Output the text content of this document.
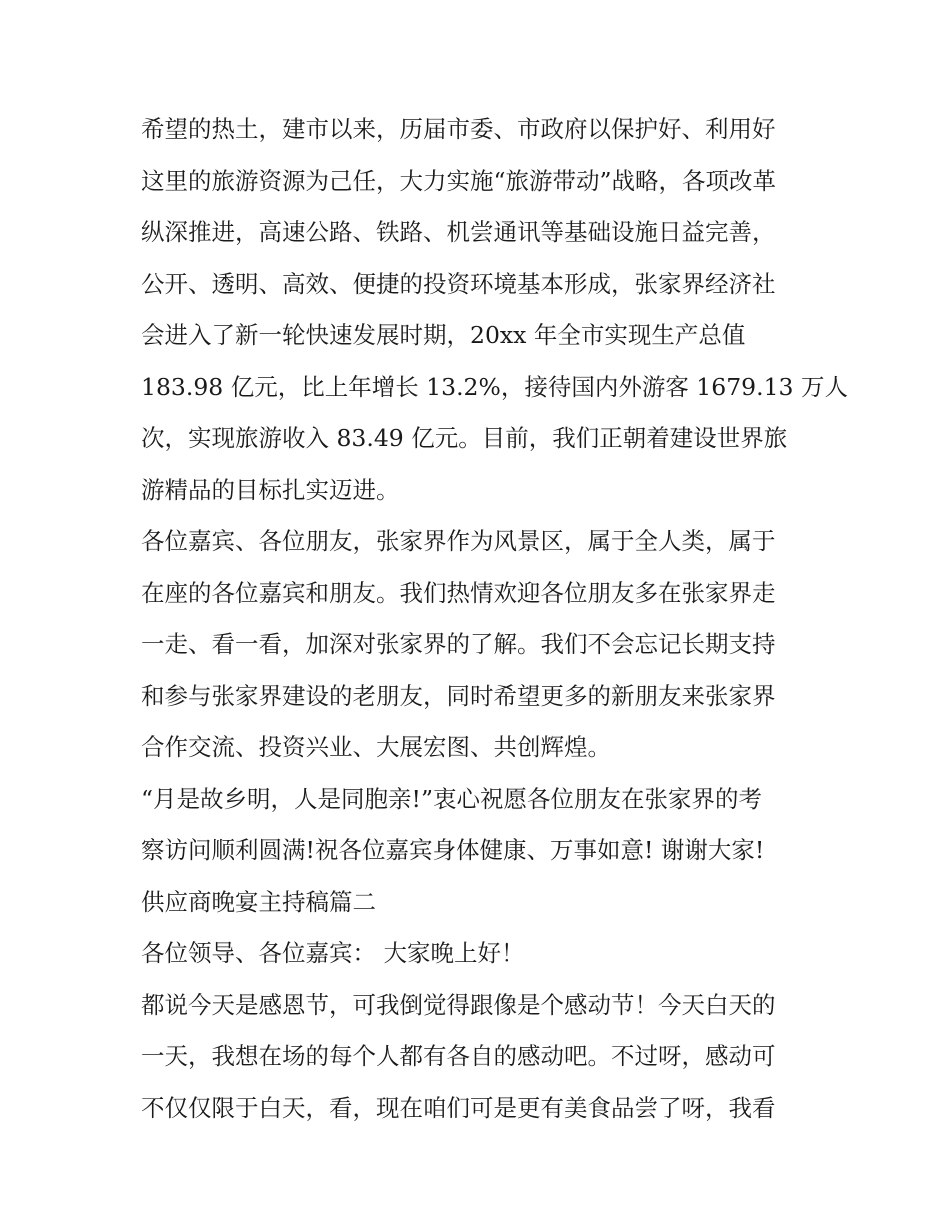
希望的热土，建市以来，历届市委、市政府以保护好、利用好
这里的旅游资源为己任，大力实施“旅游带动”战略，各项改革
纵深推进，高速公路、铁路、机尝通讯等基础设施日益完善，
公开、透明、高效、便捷的投资环境基本形成，张家界经济社
会进入了新一轮快速发展时期，20xx 年全市实现生产总值
183.98 亿元，比上年增长 13.2%，接待国内外游客 1679.13 万人
次，实现旅游收入 83.49 亿元。目前，我们正朝着建设世界旅
游精品的目标扎实迈进。
各位嘉宾、各位朋友，张家界作为风景区，属于全人类，属于
在座的各位嘉宾和朋友。我们热情欢迎各位朋友多在张家界走
一走、看一看，加深对张家界的了解。我们不会忘记长期支持
和参与张家界建设的老朋友，同时希望更多的新朋友来张家界
合作交流、投资兴业、大展宏图、共创辉煌。
“月是故乡明，人是同胞亲!”衷心祝愿各位朋友在张家界的考
察访问顺利圆满!祝各位嘉宾身体健康、万事如意! 谢谢大家!
供应商晚宴主持稿篇二
各位领导、各位嘉宾： 大家晚上好！
都说今天是感恩节，可我倒觉得跟像是个感动节！今天白天的
一天，我想在场的每个人都有各自的感动吧。不过呀，感动可
不仅仅限于白天，看，现在咱们可是更有美食品尝了呀，我看
